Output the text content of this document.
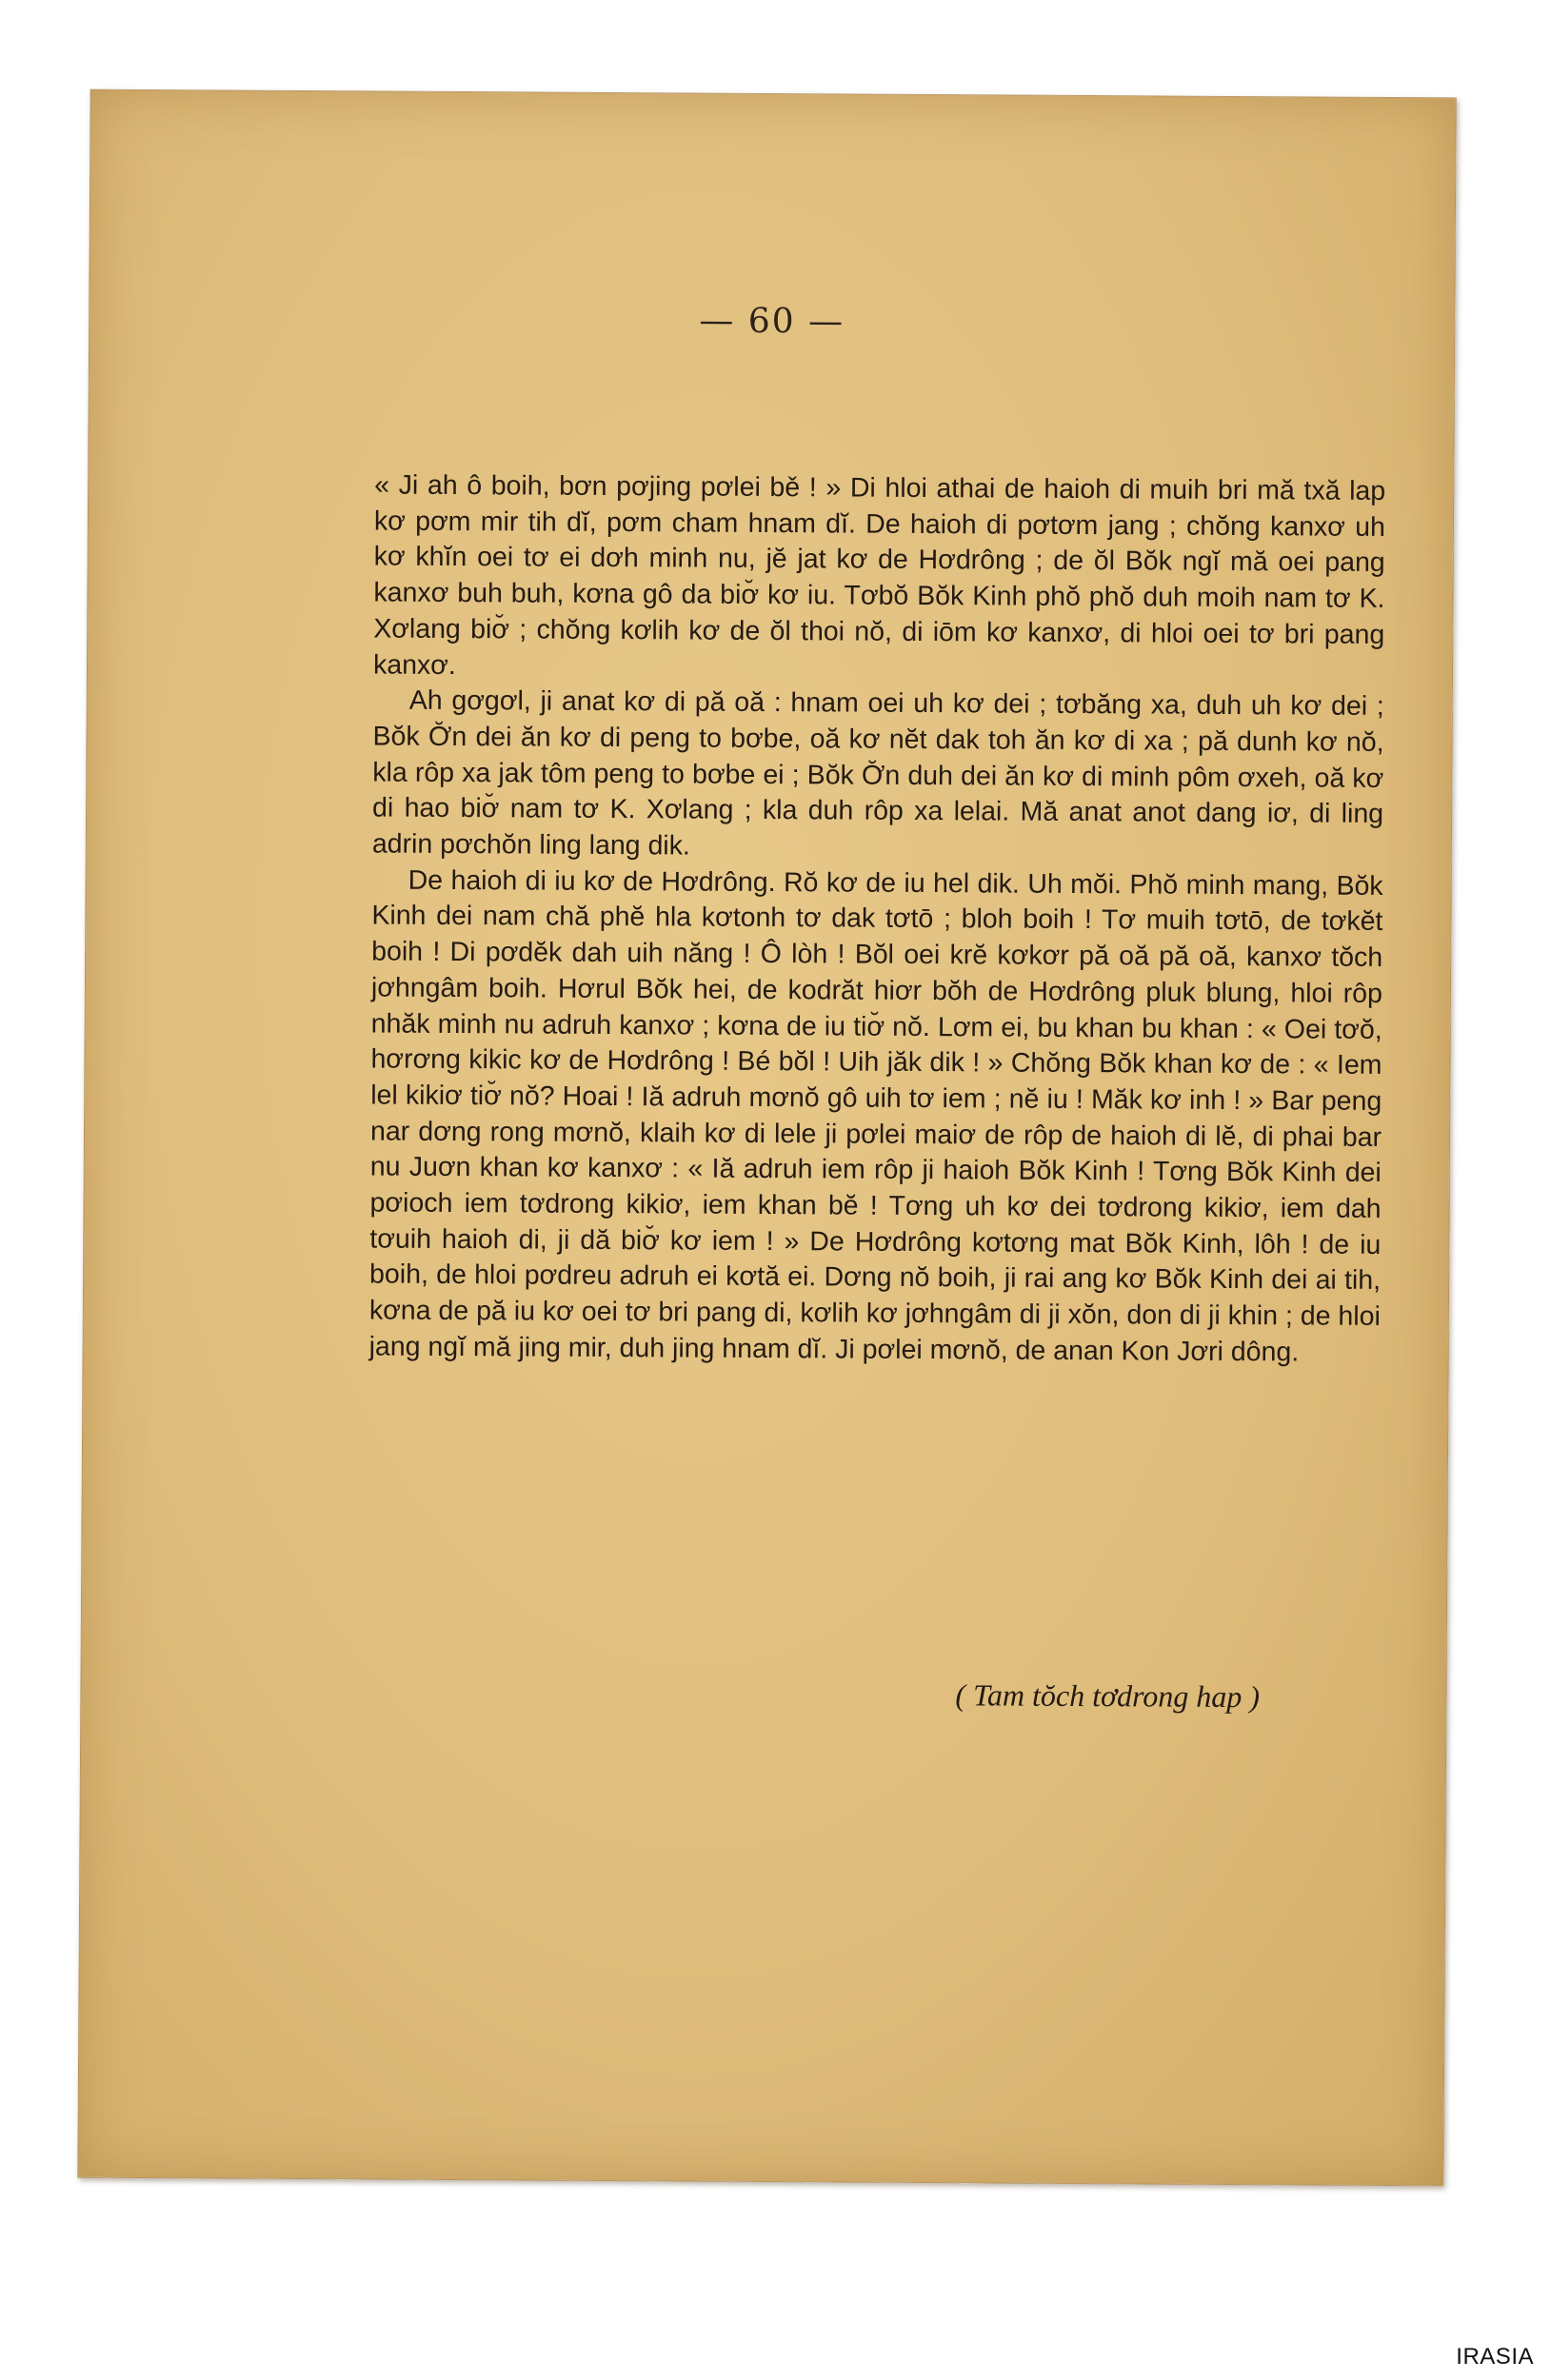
— 60 —

« Ji ah ô boih, bơn pơjing pơlei bě ! » Di hloi athai de haioh di muih bri mă txă lap kơ pơm mir tih dĭ, pơm cham hnam dĭ. De haioh di pơtơm jang ; chŏng kanxơ uh kơ khĭn oei tơ ei dơh minh nu, jĕ jat kơ de Hơdrông ; de ŏl Bŏk ngĭ mă oei pang kanxơ buh buh, kơna gô da biơ̆ kơ iu. Tơbŏ Bŏk Kinh phŏ phŏ duh moih nam tơ K. Xơlang biơ̆ ; chŏng kơlih kơ de ŏl thoi nŏ, di iōm kơ kanxơ, di hloi oei tơ bri pang kanxơ.

Ah gơgơl, ji anat kơ di pă oă : hnam oei uh kơ dei ; tơbăng xa, duh uh kơ dei ; Bŏk Ơ̆n dei ăn kơ di peng to bơbe, oă kơ nĕt dak toh ăn kơ di xa ; pă dunh kơ nŏ, kla rôp xa jak tôm peng to bơbe ei ; Bŏk Ơ̆n duh dei ăn kơ di minh pôm ơxeh, oă kơ di hao biơ̆ nam tơ K. Xơlang ; kla duh rôp xa lelai. Mă anat anot dang iơ, di ling adrin pơchŏn ling lang dik.

De haioh di iu kơ de Hơdrông. Rŏ kơ de iu hel dik. Uh mŏi. Phŏ minh mang, Bŏk Kinh dei nam chă phĕ hla kơtonh tơ dak tơtō ; bloh boih ! Tơ muih tơtō, de tơkĕt boih ! Di pơdĕk dah uih năng ! Ô lòh ! Bŏl oei krĕ kơkơr pă oă pă oă, kanxơ tŏch jơhngâm boih. Hơrul Bŏk hei, de kodrăt hiơr bŏh de Hơdrông pluk blung, hloi rôp nhăk minh nu adruh kanxơ ; kơna de iu tiơ̆ nŏ. Lơm ei, bu khan bu khan : « Oei tơŏ, hơrơng kikic kơ de Hơdrông ! Bé bŏl ! Uih jăk dik ! » Chŏng Bŏk khan kơ de : « Iem lel kikiơ tiơ̆ nŏ? Hoai ! Iă adruh mơnŏ gô uih tơ iem ; nĕ iu ! Măk kơ inh ! » Bar peng nar dơng rong mơnŏ, klaih kơ di lele ji pơlei maiơ de rôp de haioh di lĕ, di phai bar nu Juơn khan kơ kanxơ : « Iă adruh iem rôp ji haioh Bŏk Kinh ! Tơng Bŏk Kinh dei pơioch iem tơdrong kikiơ, iem khan bĕ ! Tơng uh kơ dei tơdrong kikiơ, iem dah tơuih haioh di, ji dă biơ̆ kơ iem ! » De Hơdrông kơtơng mat Bŏk Kinh, lôh ! de iu boih, de hloi pơdreu adruh ei kơtă ei. Dơng nŏ boih, ji rai ang kơ Bŏk Kinh dei ai tih, kơna de pă iu kơ oei tơ bri pang di, kơlih kơ jơhngâm di ji xŏn, don di ji khin ; de hloi jang ngĭ mă jing mir, duh jing hnam dĭ. Ji pơlei mơnŏ, de anan Kon Jơri dông.

( Tam tŏch tơdrong hap )
IRASIA
